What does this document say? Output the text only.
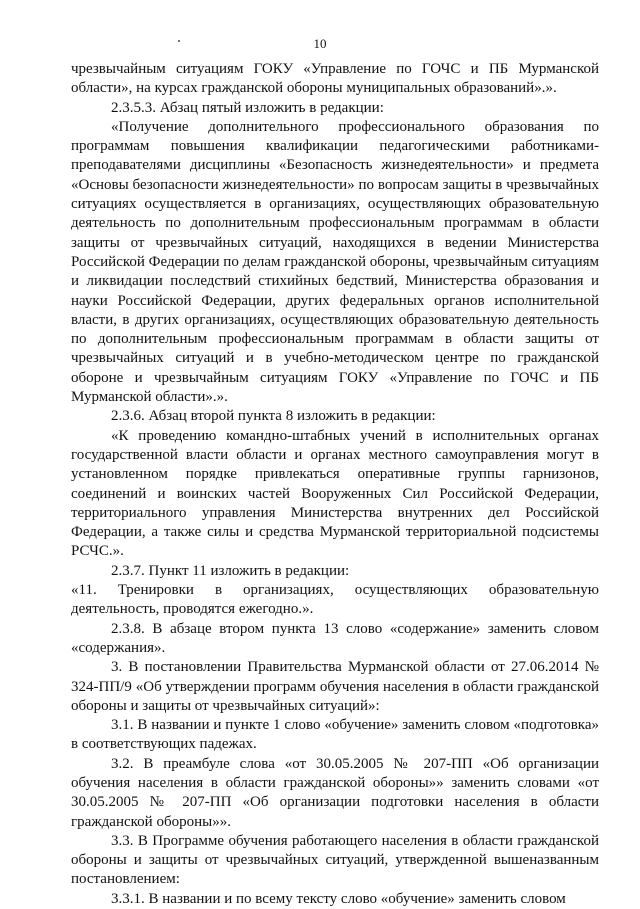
10

чрезвычайным ситуациям ГОКУ «Управление по ГОЧС и ПБ Мурманской области», на курсах гражданской обороны муниципальных образований».».

2.3.5.3. Абзац пятый изложить в редакции:

«Получение дополнительного профессионального образования по программам повышения квалификации педагогическими работниками-преподавателями дисциплины «Безопасность жизнедеятельности» и предмета «Основы безопасности жизнедеятельности» по вопросам защиты в чрезвычайных ситуациях осуществляется в организациях, осуществляющих образовательную деятельность по дополнительным профессиональным программам в области защиты от чрезвычайных ситуаций, находящихся в ведении Министерства Российской Федерации по делам гражданской обороны, чрезвычайным ситуациям и ликвидации последствий стихийных бедствий, Министерства образования и науки Российской Федерации, других федеральных органов исполнительной власти, в других организациях, осуществляющих образовательную деятельность по дополнительным профессиональным программам в области защиты от чрезвычайных ситуаций и в учебно-методическом центре по гражданской обороне и чрезвычайным ситуациям ГОКУ «Управление по ГОЧС и ПБ Мурманской области».».

2.3.6. Абзац второй пункта 8 изложить в редакции:

«К проведению командно-штабных учений в исполнительных органах государственной власти области и органах местного самоуправления могут в установленном порядке привлекаться оперативные группы гарнизонов, соединений и воинских частей Вооруженных Сил Российской Федерации, территориального управления Министерства внутренних дел Российской Федерации, а также силы и средства Мурманской территориальной подсистемы РСЧС.».

2.3.7. Пункт 11 изложить в редакции:

«11. Тренировки в организациях, осуществляющих образовательную деятельность, проводятся ежегодно.».

2.3.8. В абзаце втором пункта 13 слово «содержание» заменить словом «содержания».

3. В постановлении Правительства Мурманской области от 27.06.2014 № 324-ПП/9 «Об утверждении программ обучения населения в области гражданской обороны и защиты от чрезвычайных ситуаций»:

3.1. В названии и пункте 1 слово «обучение» заменить словом «подготовка» в соответствующих падежах.

3.2. В преамбуле слова «от 30.05.2005 № 207-ПП «Об организации обучения населения в области гражданской обороны»» заменить словами «от 30.05.2005 № 207-ПП «Об организации подготовки населения в области гражданской обороны»».

3.3. В Программе обучения работающего населения в области гражданской обороны и защиты от чрезвычайных ситуаций, утвержденной вышеназванным постановлением:

3.3.1. В названии и по всему тексту слово «обучение» заменить словом
